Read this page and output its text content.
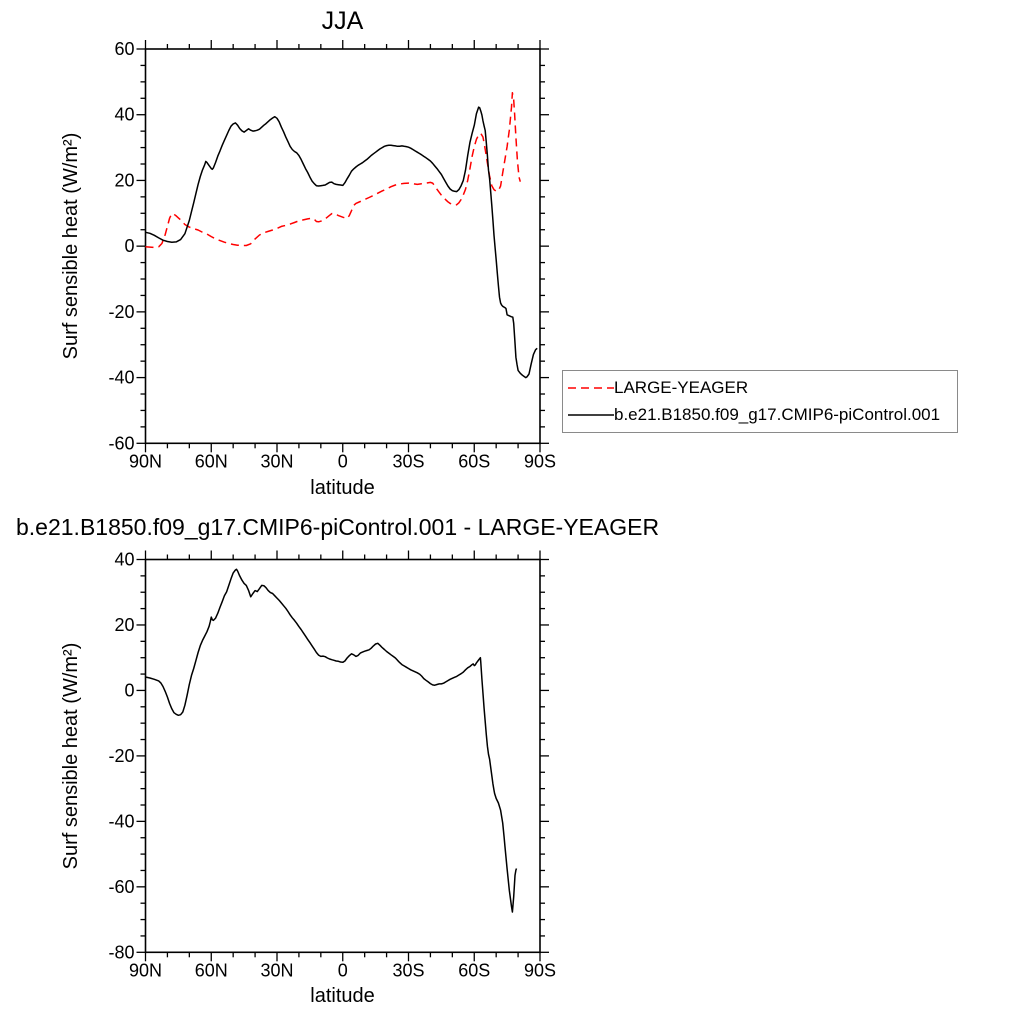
JJA
Surf sensible heat (W/m²)
latitude
b.e21.B1850.f09_g17.CMIP6-piControl.001 - LARGE-YEAGER
Surf sensible heat (W/m²)
latitude
90N 60N 30N 0 30S 60S 90S
60
40
20
0
-20
-40
-60
90N 60N 30N 0 30S 60S 90S
40
20
0
-20
-40
-60
-80
LARGE-YEAGER
b.e21.B1850.f09_g17.CMIP6-piControl.001
